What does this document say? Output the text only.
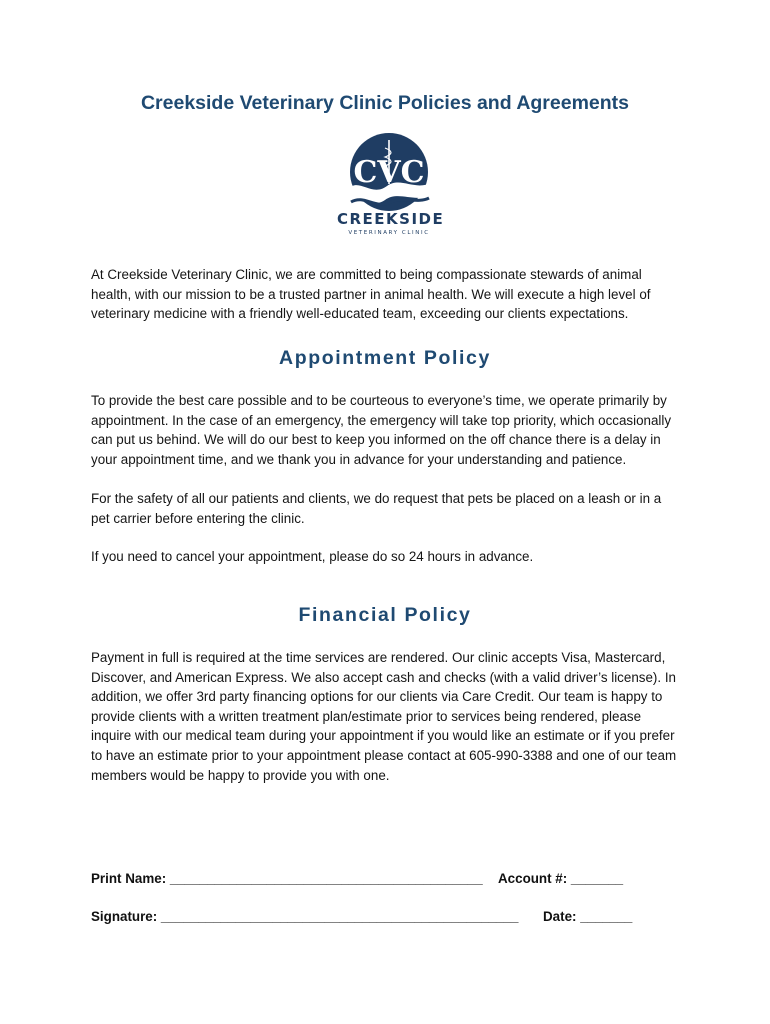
Creekside Veterinary Clinic Policies and Agreements
CVC
CREEKSIDE
VETERINARY CLINIC

At Creekside Veterinary Clinic, we are committed to being compassionate stewards of animal health, with our mission to be a trusted partner in animal health. We will execute a high level of veterinary medicine with a friendly well-educated team, exceeding our clients expectations.

Appointment Policy

To provide the best care possible and to be courteous to everyone’s time, we operate primarily by appointment. In the case of an emergency, the emergency will take top priority, which occasionally can put us behind. We will do our best to keep you informed on the off chance there is a delay in your appointment time, and we thank you in advance for your understanding and patience.

For the safety of all our patients and clients, we do request that pets be placed on a leash or in a pet carrier before entering the clinic.

If you need to cancel your appointment, please do so 24 hours in advance.

Financial Policy

Payment in full is required at the time services are rendered. Our clinic accepts Visa, Mastercard, Discover, and American Express. We also accept cash and checks (with a valid driver’s license). In addition, we offer 3rd party financing options for our clients via Care Credit. Our team is happy to provide clients with a written treatment plan/estimate prior to services being rendered, please inquire with our medical team during your appointment if you would like an estimate or if you prefer to have an estimate prior to your appointment please contact at 605-990-3388 and one of our team members would be happy to provide you with one.

Print Name: __________________________________________ Account #: _______
Signature: ________________________________________________ Date: _______
